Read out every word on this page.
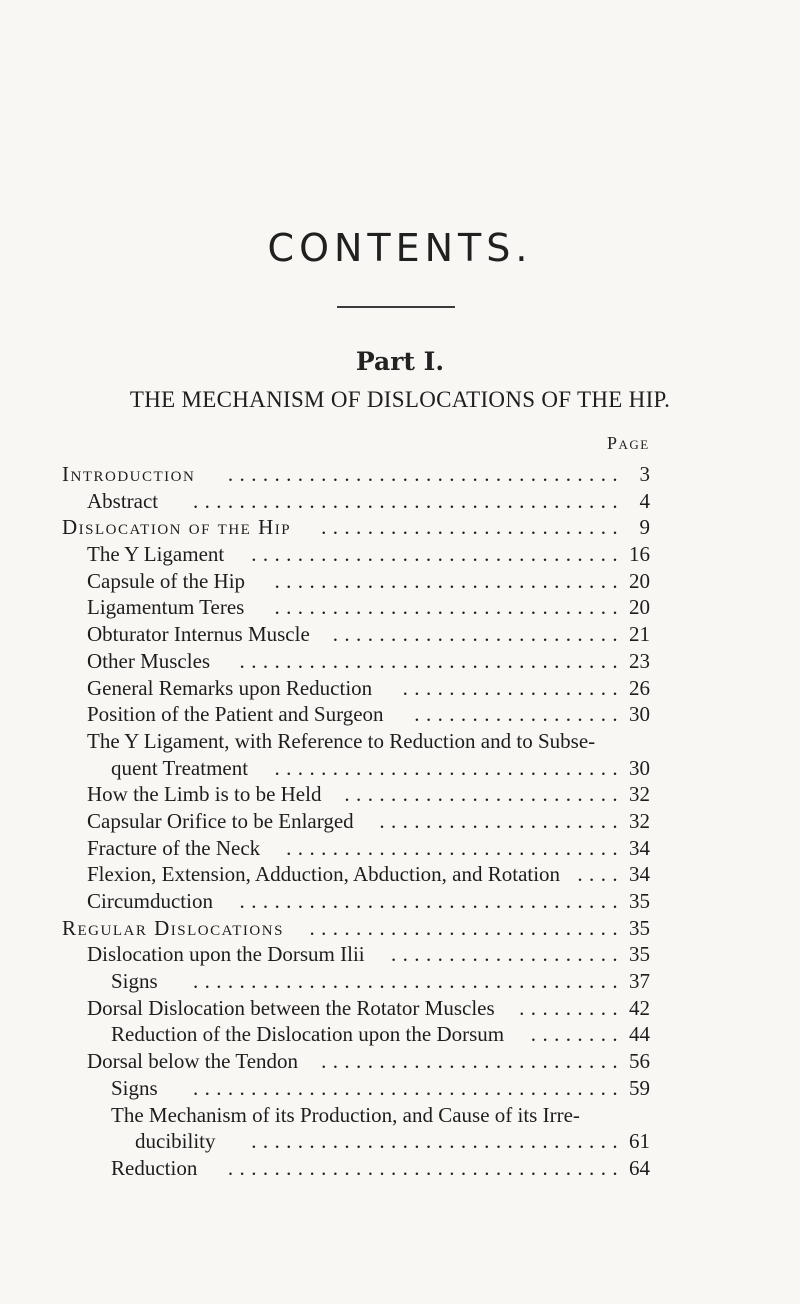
CONTENTS.
Part I.
THE MECHANISM OF DISLOCATIONS OF THE HIP.
Page
Introduction .................................. 3
Abstract ..................................... 4
Dislocation of the Hip .......................... 9
The Y Ligament ................................ 16
Capsule of the Hip .............................. 20
Ligamentum Teres .............................. 20
Obturator Internus Muscle ......................... 21
Other Muscles ................................. 23
General Remarks upon Reduction ................... 26
Position of the Patient and Surgeon .................. 30
The Y Ligament, with Reference to Reduction and to Subse-
quent Treatment .............................. 30
How the Limb is to be Held ........................ 32
Capsular Orifice to be Enlarged ..................... 32
Fracture of the Neck ............................. 34
Flexion, Extension, Adduction, Abduction, and Rotation .... 34
Circumduction ................................. 35
Regular Dislocations ........................... 35
Dislocation upon the Dorsum Ilii .................... 35
Signs ..................................... 37
Dorsal Dislocation between the Rotator Muscles ......... 42
Reduction of the Dislocation upon the Dorsum ........ 44
Dorsal below the Tendon .......................... 56
Signs ..................................... 59
The Mechanism of its Production, and Cause of its Irre-
ducibility ................................ 61
Reduction .................................. 64
